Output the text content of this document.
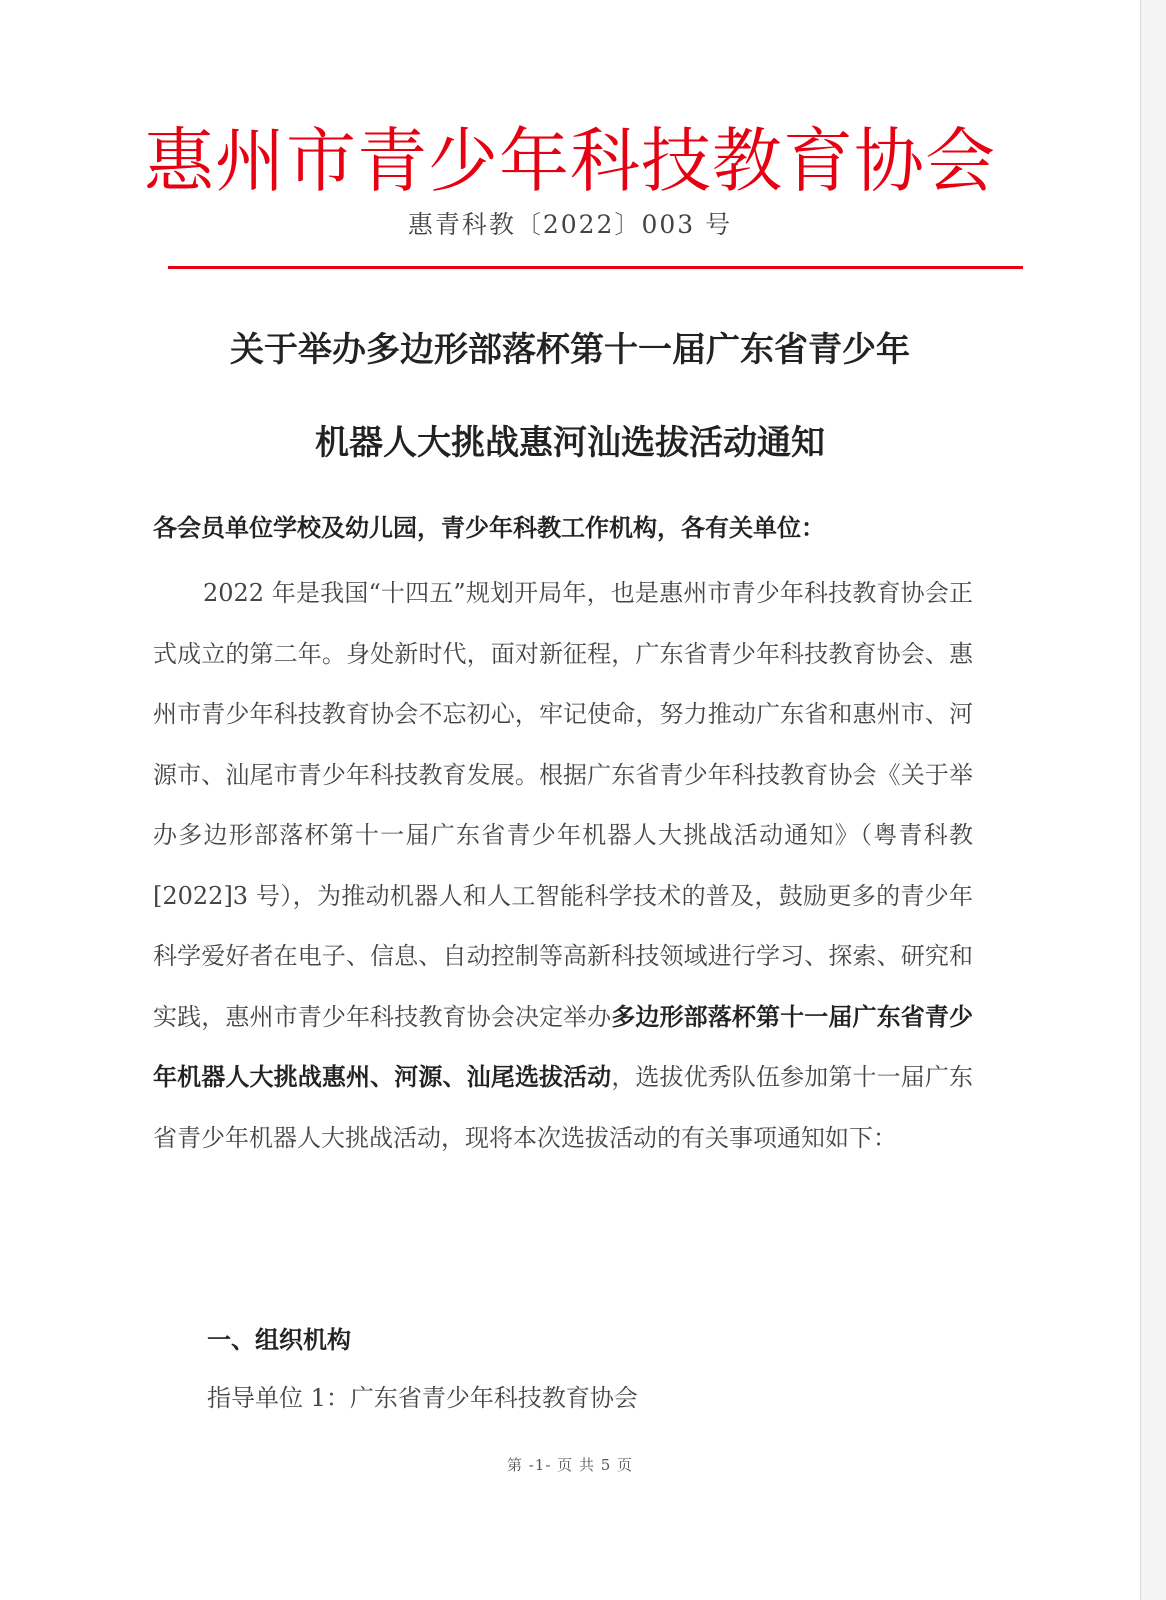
惠州市青少年科技教育协会
惠青科教〔2022〕003 号
关于举办多边形部落杯第十一届广东省青少年
机器人大挑战惠河汕选拔活动通知
各会员单位学校及幼儿园，青少年科教工作机构，各有关单位：

2022 年是我国“十四五”规划开局年，也是惠州市青少年科技教育协会正式成立的第二年。身处新时代，面对新征程，广东省青少年科技教育协会、惠州市青少年科技教育协会不忘初心，牢记使命，努力推动广东省和惠州市、河源市、汕尾市青少年科技教育发展。根据广东省青少年科技教育协会《关于举办多边形部落杯第十一届广东省青少年机器人大挑战活动通知》（粤青科教[2022]3 号），为推动机器人和人工智能科学技术的普及，鼓励更多的青少年科学爱好者在电子、信息、自动控制等高新科技领域进行学习、探索、研究和实践，惠州市青少年科技教育协会决定举办多边形部落杯第十一届广东省青少年机器人大挑战惠州、河源、汕尾选拔活动，选拔优秀队伍参加第十一届广东省青少年机器人大挑战活动，现将本次选拔活动的有关事项通知如下：

一、组织机构
指导单位 1：广东省青少年科技教育协会
第 -1- 页 共 5 页
